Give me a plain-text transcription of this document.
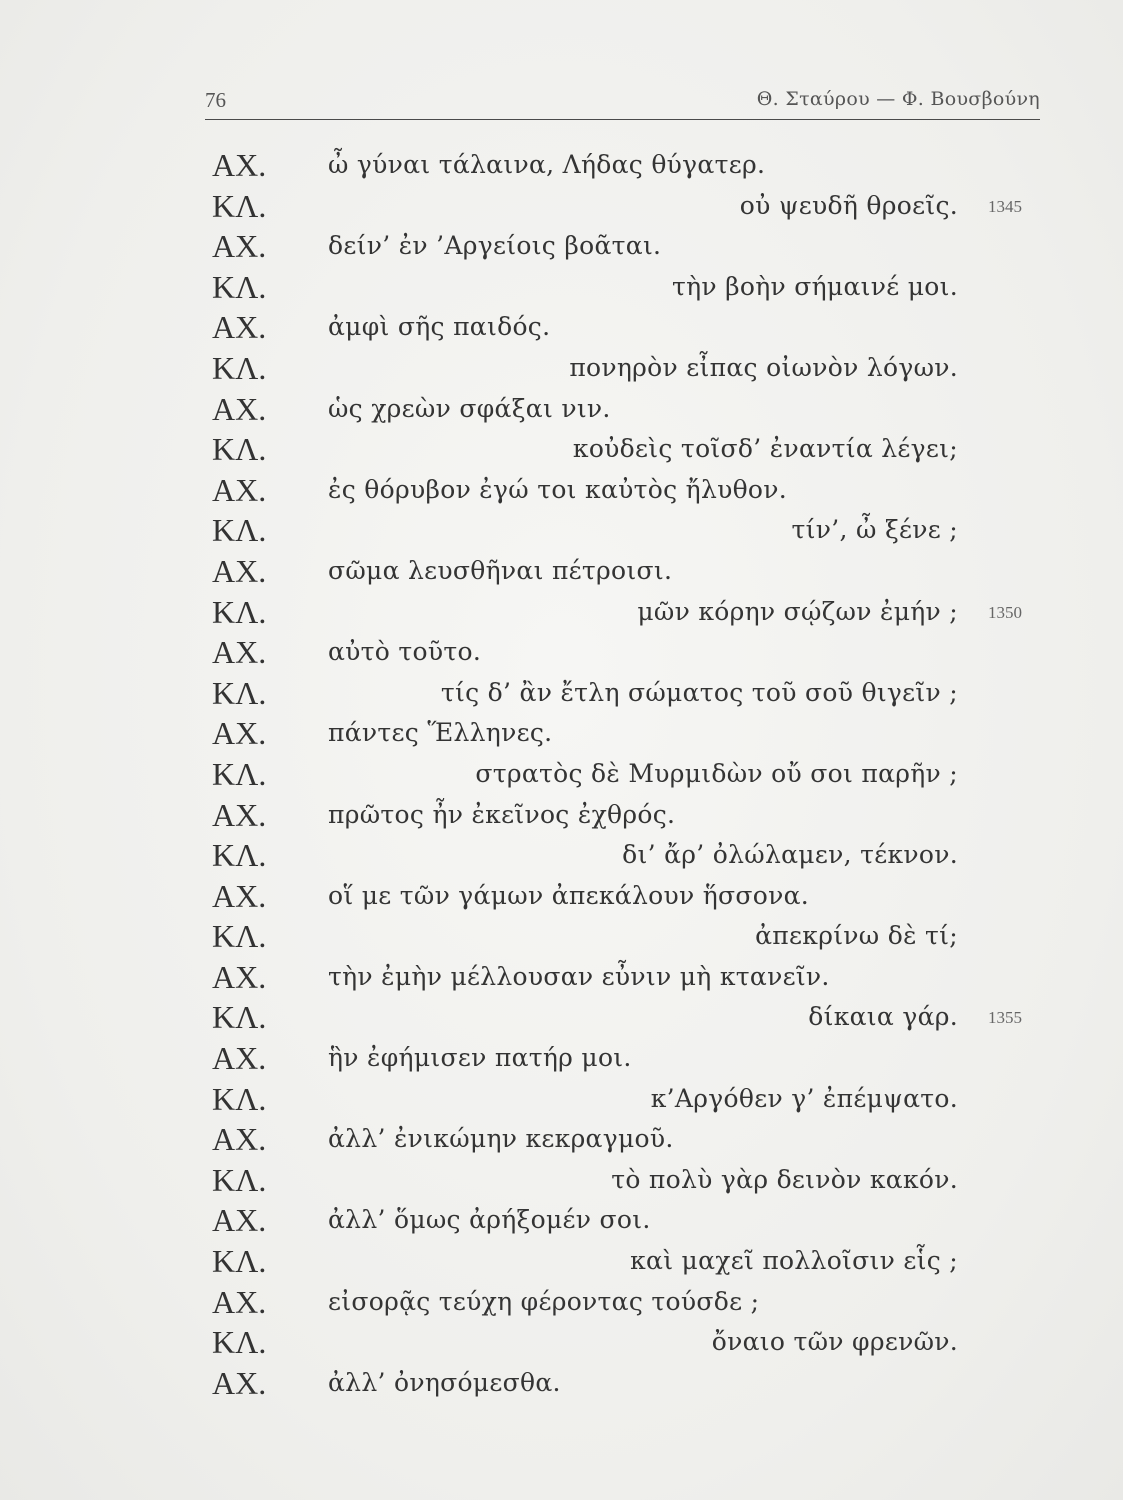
76	Θ. Σταύρου — Φ. Βουσβούνη
ΑΧ. ὦ γύναι τάλαινα, Λήδας θύγατερ.
ΚΛ.	οὐ ψευδῆ θροεῖς. 1345
ΑΧ. δείν’ ἐν ’Αργείοις βοᾶται.
ΚΛ.	τὴν βοὴν σήμαινέ μοι.
ΑΧ. ἀμφὶ σῆς παιδός.
ΚΛ.	πονηρὸν εἶπας οἰωνὸν λόγων.
ΑΧ. ὡς χρεὼν σφάξαι νιν.
ΚΛ.	κοὐδεὶς τοῖσδ’ ἐναντία λέγει;
ΑΧ. ἐς θόρυβον ἐγώ τοι καὐτὸς ἤλυθον.
ΚΛ.	τίν’, ὦ ξένε ;
ΑΧ. σῶμα λευσθῆναι πέτροισι.
ΚΛ.	μῶν κόρην σῴζων ἐμήν ; 1350
ΑΧ. αὐτὸ τοῦτο.
ΚΛ.	τίς δ’ ἂν ἔτλη σώματος τοῦ σοῦ θιγεῖν ;
ΑΧ. πάντες Ἕλληνες.
ΚΛ.	στρατὸς δὲ Μυρμιδὼν οὔ σοι παρῆν ;
ΑΧ. πρῶτος ἦν ἐκεῖνος ἐχθρός.
ΚΛ.	δι’ ἄρ’ ὀλώλαμεν, τέκνον.
ΑΧ. οἵ με τῶν γάμων ἀπεκάλουν ἥσσονα.
ΚΛ.	ἀπεκρίνω δὲ τί;
ΑΧ. τὴν ἐμὴν μέλλουσαν εὖνιν μὴ κτανεῖν.
ΚΛ.	δίκαια γάρ. 1355
ΑΧ. ἣν ἐφήμισεν πατήρ μοι.
ΚΛ.	κ’Αργόθεν γ’ ἐπέμψατο.
ΑΧ. ἀλλ’ ἐνικώμην κεκραγμοῦ.
ΚΛ.	τὸ πολὺ γὰρ δεινὸν κακόν.
ΑΧ. ἀλλ’ ὅμως ἀρήξομέν σοι.
ΚΛ.	καὶ μαχεῖ πολλοῖσιν εἷς ;
ΑΧ. εἰσορᾷς τεύχη φέροντας τούσδε ;
ΚΛ.	ὄναιο τῶν φρενῶν.
ΑΧ. ἀλλ’ ὀνησόμεσθα.
